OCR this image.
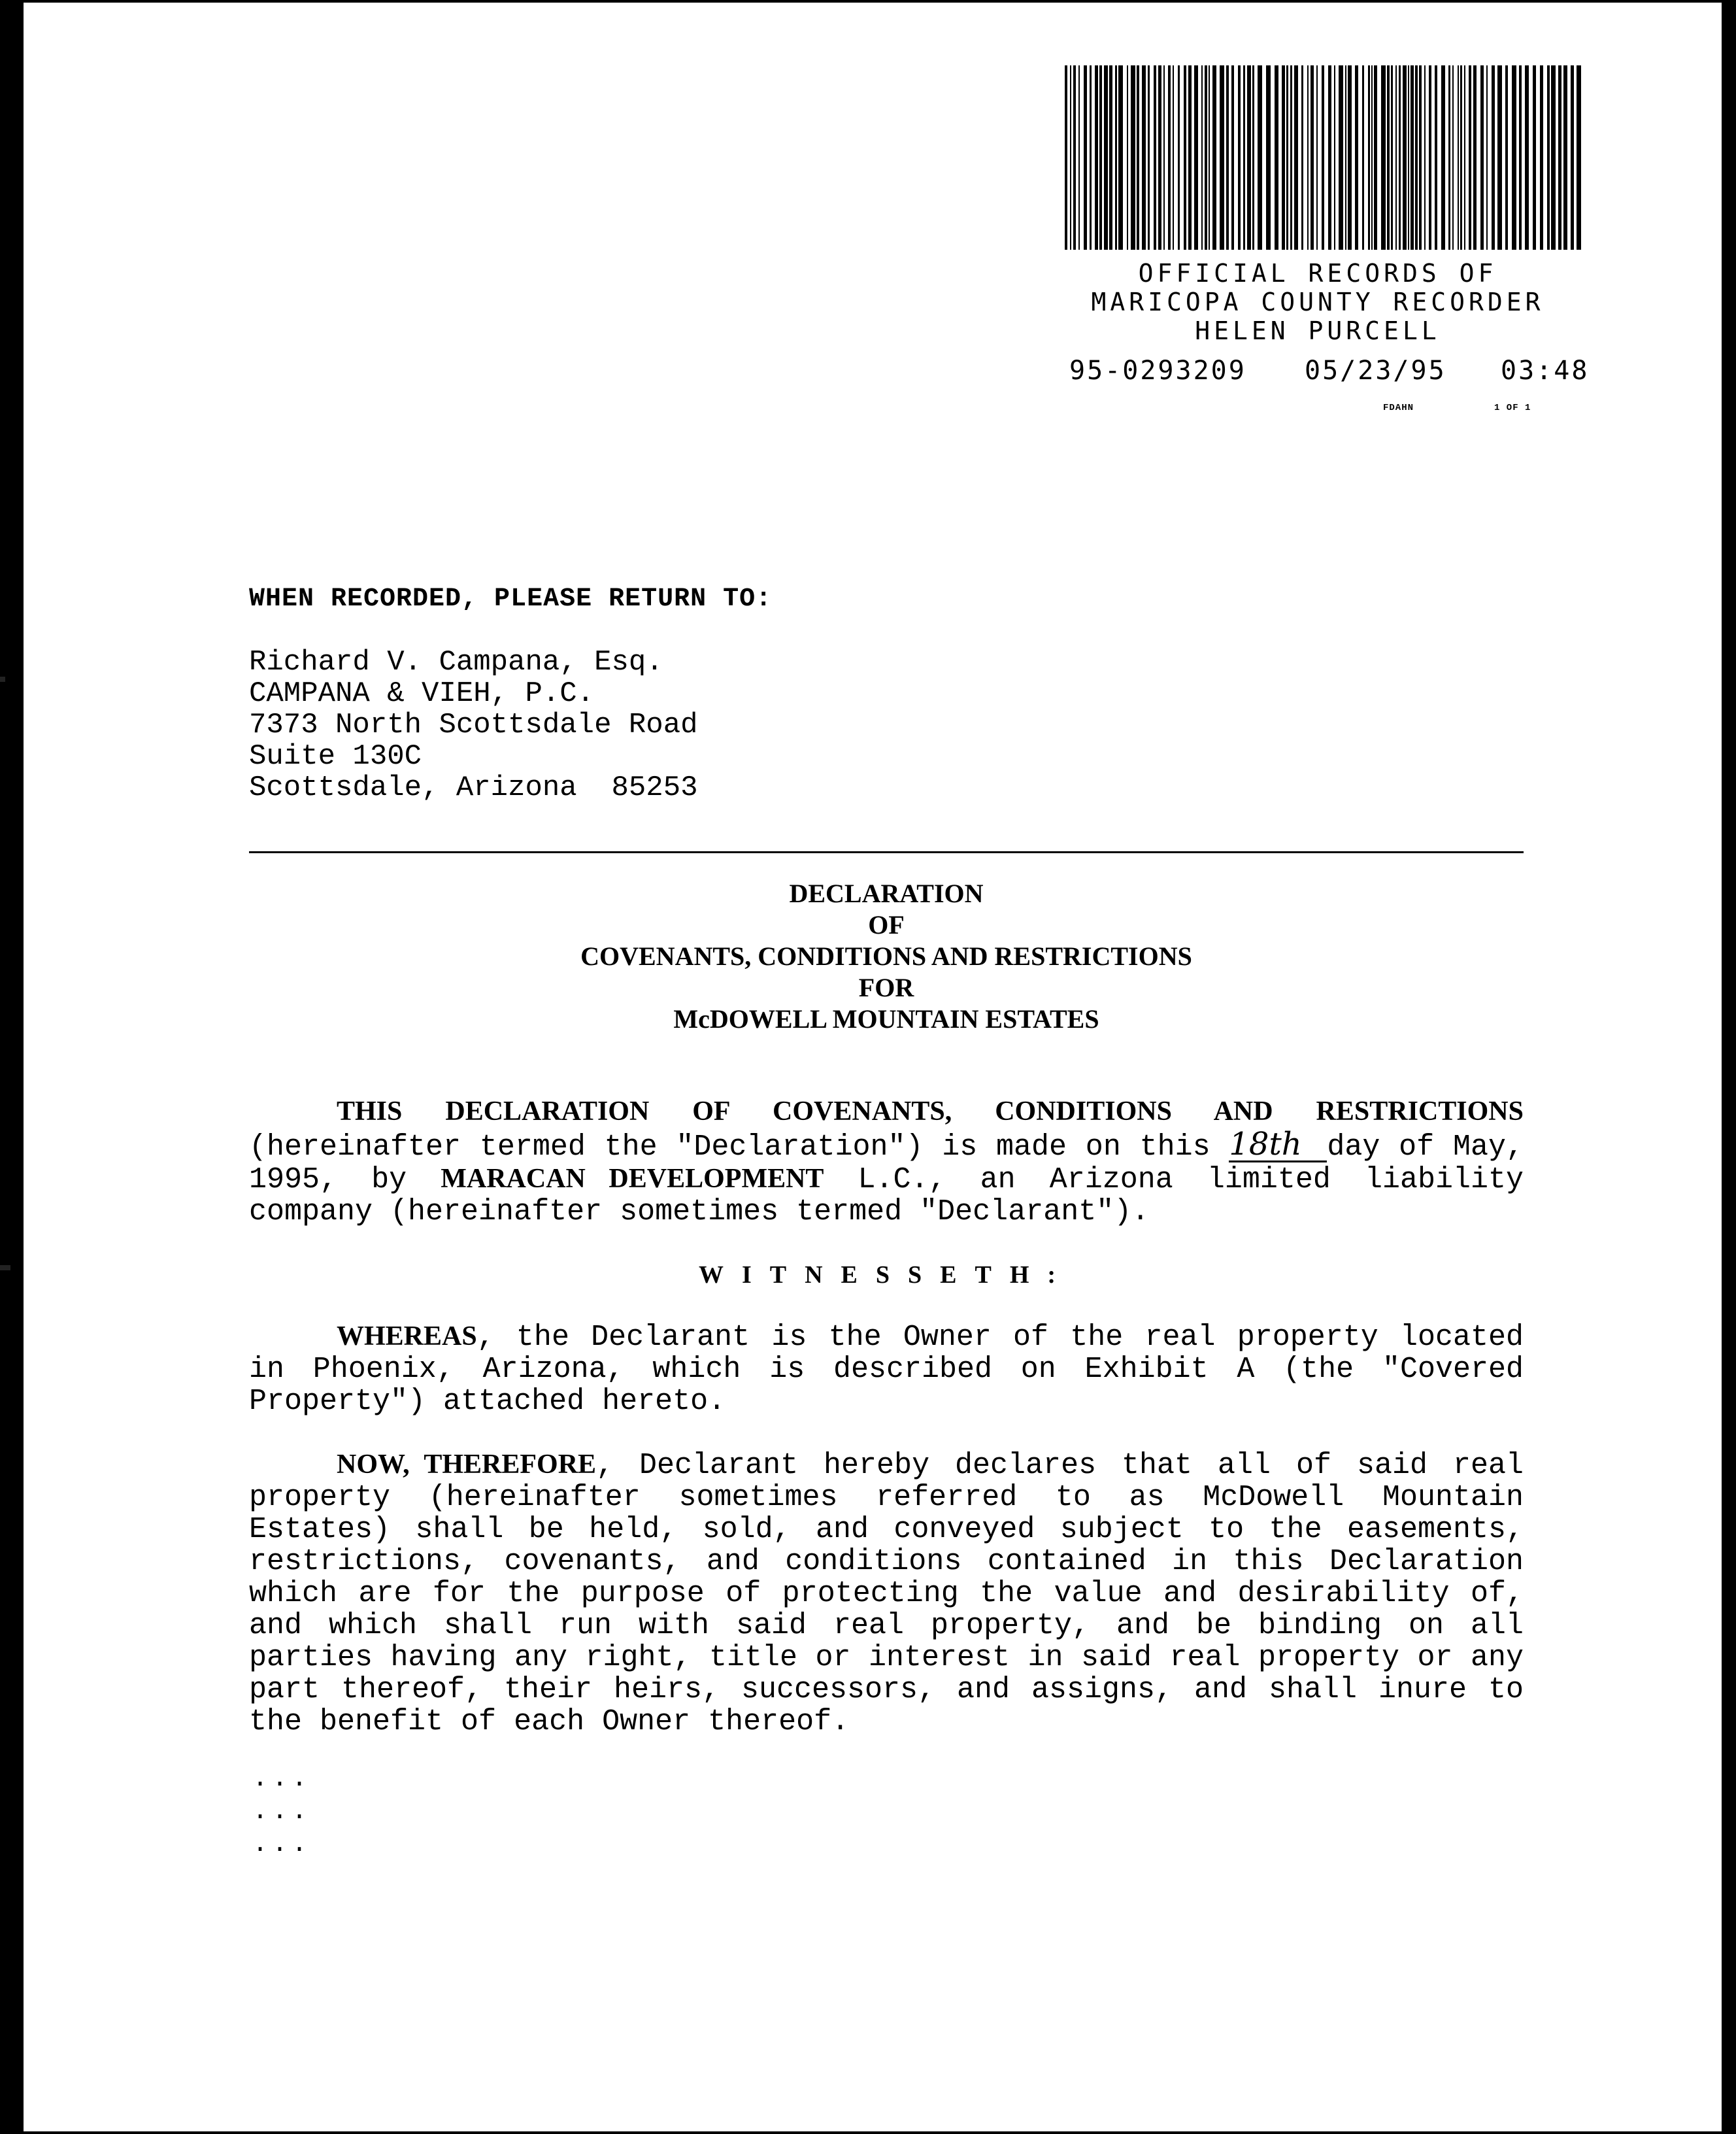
OFFICIAL RECORDS OF
MARICOPA COUNTY RECORDER
HELEN PURCELL
95-0293209 05/23/95 03:48
FDAHN	1 OF 1
WHEN RECORDED, PLEASE RETURN TO:
Richard V. Campana, Esq.
CAMPANA & VIEH, P.C.
7373 North Scottsdale Road
Suite 130C
Scottsdale, Arizona  85253
DECLARATION
OF
COVENANTS, CONDITIONS AND RESTRICTIONS
FOR
McDOWELL MOUNTAIN ESTATES
THIS DECLARATION OF COVENANTS, CONDITIONS AND RESTRICTIONS (hereinafter termed the "Declaration") is made on this 18th day of May, 1995, by MARACAN DEVELOPMENT L.C., an Arizona limited liability company (hereinafter sometimes termed "Declarant").
WITNESSETH:
WHEREAS, the Declarant is the Owner of the real property located in Phoenix, Arizona, which is described on Exhibit A (the "Covered Property") attached hereto.
NOW, THEREFORE, Declarant hereby declares that all of said real property (hereinafter sometimes referred to as McDowell Mountain Estates) shall be held, sold, and conveyed subject to the easements, restrictions, covenants, and conditions contained in this Declaration which are for the purpose of protecting the value and desirability of, and which shall run with said real property, and be binding on all parties having any right, title or interest in said real property or any part thereof, their heirs, successors, and assigns, and shall inure to the benefit of each Owner thereof.
...
...
...
